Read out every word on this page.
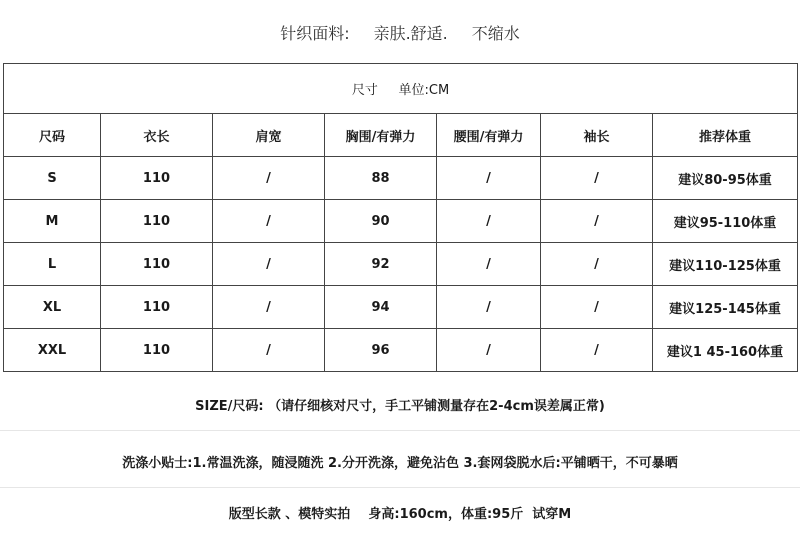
针织面料: 亲肤.舒适. 不缩水
尺寸     单位:CM						
尺码	衣长	肩宽	胸围/有弹力	腰围/有弹力	袖长	推荐体重
S	110	/	88	/	/	建议80-95体重
M	110	/	90	/	/	建议95-110体重
L	110	/	92	/	/	建议110-125体重
XL	110	/	94	/	/	建议125-145体重
XXL	110	/	96	/	/	建议1 45-160体重
SIZE/尺码: （请仔细核对尺寸，手工平铺测量存在2-4cm误差属正常)
洗涤小贴士:1.常温洗涤，随浸随洗 2.分开洗涤，避免沾色 3.套网袋脱水后:平铺晒干，不可暴晒
版型长款 、模特实拍    身高:160cm，体重:95斤  试穿M
